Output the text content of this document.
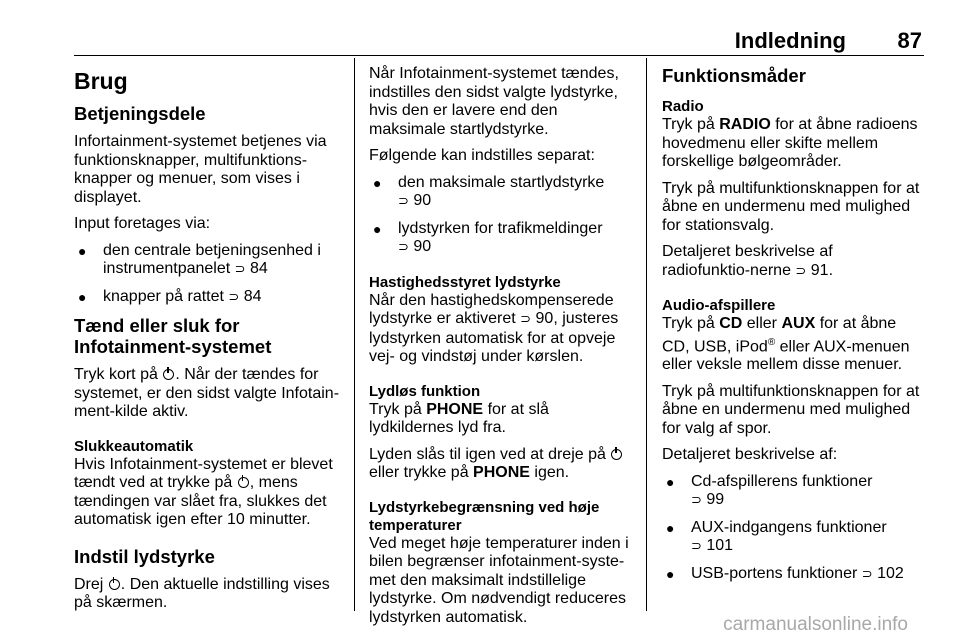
Indledning 87
Brug
Betjeningsdele

Infortainment-systemet betjenes via funktionsknapper, multifunktions-knapper og menuer, som vises i displayet.

Input foretages via:

● den centrale betjeningsenhed i instrumentpanelet ⊃ 84
● knapper på rattet ⊃ 84
Tænd eller sluk for Infotainment-systemet

Tryk kort på . Når der tændes for systemet, er den sidst valgte Infotain-ment-kilde aktiv.

Slukkeautomatik

Hvis Infotainment-systemet er blevet tændt ved at trykke på , mens tændingen var slået fra, slukkes det automatisk igen efter 10 minutter.

Indstil lydstyrke

Drej . Den aktuelle indstilling vises på skærmen.

Når Infotainment-systemet tændes, indstilles den sidst valgte lydstyrke, hvis den er lavere end den maksimale startlydstyrke.

Følgende kan indstilles separat:

● den maksimale startlydstyrke
⊃ 90
● lydstyrken for trafikmeldinger
⊃ 90
Hastighedsstyret lydstyrke

Når den hastighedskompenserede lydstyrke er aktiveret ⊃ 90, justeres lydstyrken automatisk for at opveje vej- og vindstøj under kørslen.

Lydløs funktion

Tryk på PHONE for at slå lydkildernes lyd fra.

Lyden slås til igen ved at dreje på  eller trykke på PHONE igen.

Lydstyrkebegrænsning ved høje temperaturer

Ved meget høje temperaturer inden i bilen begrænser infotainment-syste-met den maksimalt indstillelige lydstyrke. Om nødvendigt reduceres lydstyrken automatisk.

Funktionsmåder
Radio

Tryk på RADIO for at åbne radioens hovedmenu eller skifte mellem forskellige bølgeområder.

Tryk på multifunktionsknappen for at åbne en undermenu med mulighed for stationsvalg.

Detaljeret beskrivelse af radiofunktio-nerne ⊃ 91.

Audio-afspillere

Tryk på CD eller AUX for at åbne CD, USB, iPod® eller AUX-menuen eller veksle mellem disse menuer.

Tryk på multifunktionsknappen for at åbne en undermenu med mulighed for valg af spor.

Detaljeret beskrivelse af:

● Cd-afspillerens funktioner
⊃ 99
● AUX-indgangens funktioner
⊃ 101
● USB-portens funktioner ⊃ 102
carmanualsonline.info
